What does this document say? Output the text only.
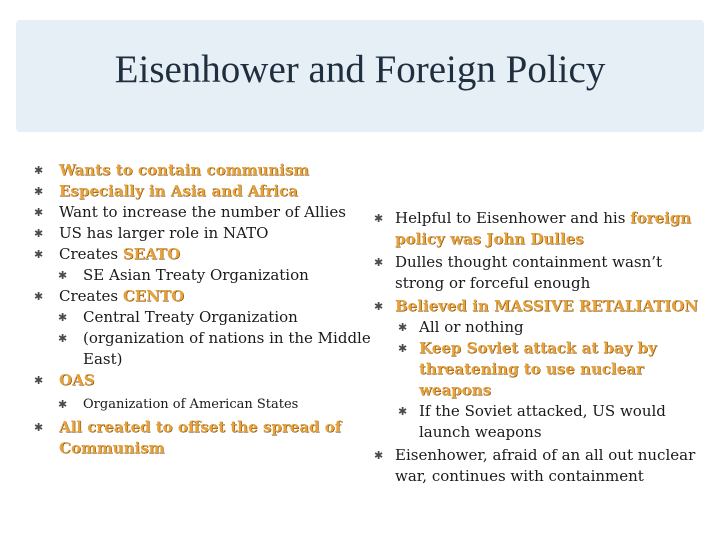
Eisenhower and Foreign Policy
✱ Wants to contain communism
✱ Especially in Asia and Africa
✱ Want to increase the number of Allies
✱ US has larger role in NATO
✱ Creates SEATO
✱ SE Asian Treaty Organization
✱ Creates CENTO
✱ Central Treaty Organization
✱ (organization of nations in the Middle East)
✱ OAS
✱ Organization of American States
✱ All created to offset the spread of Communism
✱ Helpful to Eisenhower and his foreign policy was John Dulles
✱ Dulles thought containment wasn’t strong or forceful enough
✱ Believed in MASSIVE RETALIATION
✱ All or nothing
✱ Keep Soviet attack at bay by threatening to use nuclear weapons
✱ If the Soviet attacked, US would launch weapons
✱ Eisenhower, afraid of an all out nuclear war, continues with containment
